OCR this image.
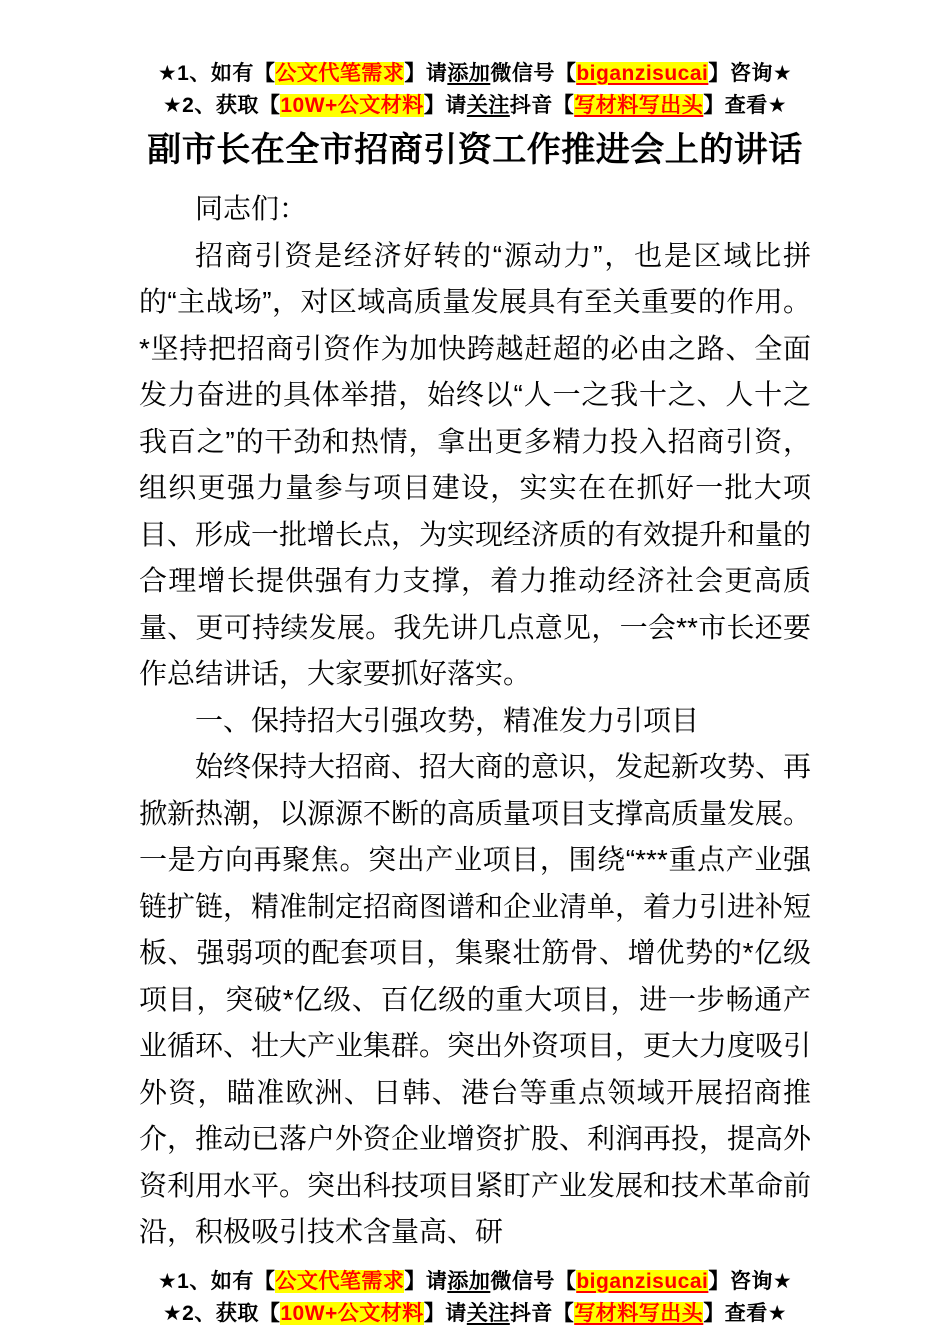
★1、如有【公文代笔需求】请添加微信号【biganzisucai】咨询★
★2、获取【10W+公文材料】请关注抖音【写材料写出头】查看★
副市长在全市招商引资工作推进会上的讲话

同志们：

招商引资是经济好转的“源动力”，也是区域比拼的“主战场”，对区域高质量发展具有至关重要的作用。*坚持把招商引资作为加快跨越赶超的必由之路、全面发力奋进的具体举措，始终以“人一之我十之、人十之我百之”的干劲和热情，拿出更多精力投入招商引资，组织更强力量参与项目建设，实实在在抓好一批大项目、形成一批增长点，为实现经济质的有效提升和量的合理增长提供强有力支撑，着力推动经济社会更高质量、更可持续发展。我先讲几点意见，一会**市长还要作总结讲话，大家要抓好落实。

一、保持招大引强攻势，精准发力引项目

始终保持大招商、招大商的意识，发起新攻势、再掀新热潮，以源源不断的高质量项目支撑高质量发展。一是方向再聚焦。突出产业项目，围绕“***重点产业强链扩链，精准制定招商图谱和企业清单，着力引进补短板、强弱项的配套项目，集聚壮筋骨、增优势的*亿级项目，突破*亿级、百亿级的重大项目，进一步畅通产业循环、壮大产业集群。突出外资项目，更大力度吸引外资，瞄准欧洲、日韩、港台等重点领域开展招商推介，推动已落户外资企业增资扩股、利润再投，提高外资利用水平。突出科技项目紧盯产业发展和技术革命前沿，积极吸引技术含量高、研

★1、如有【公文代笔需求】请添加微信号【biganzisucai】咨询★
★2、获取【10W+公文材料】请关注抖音【写材料写出头】查看★
